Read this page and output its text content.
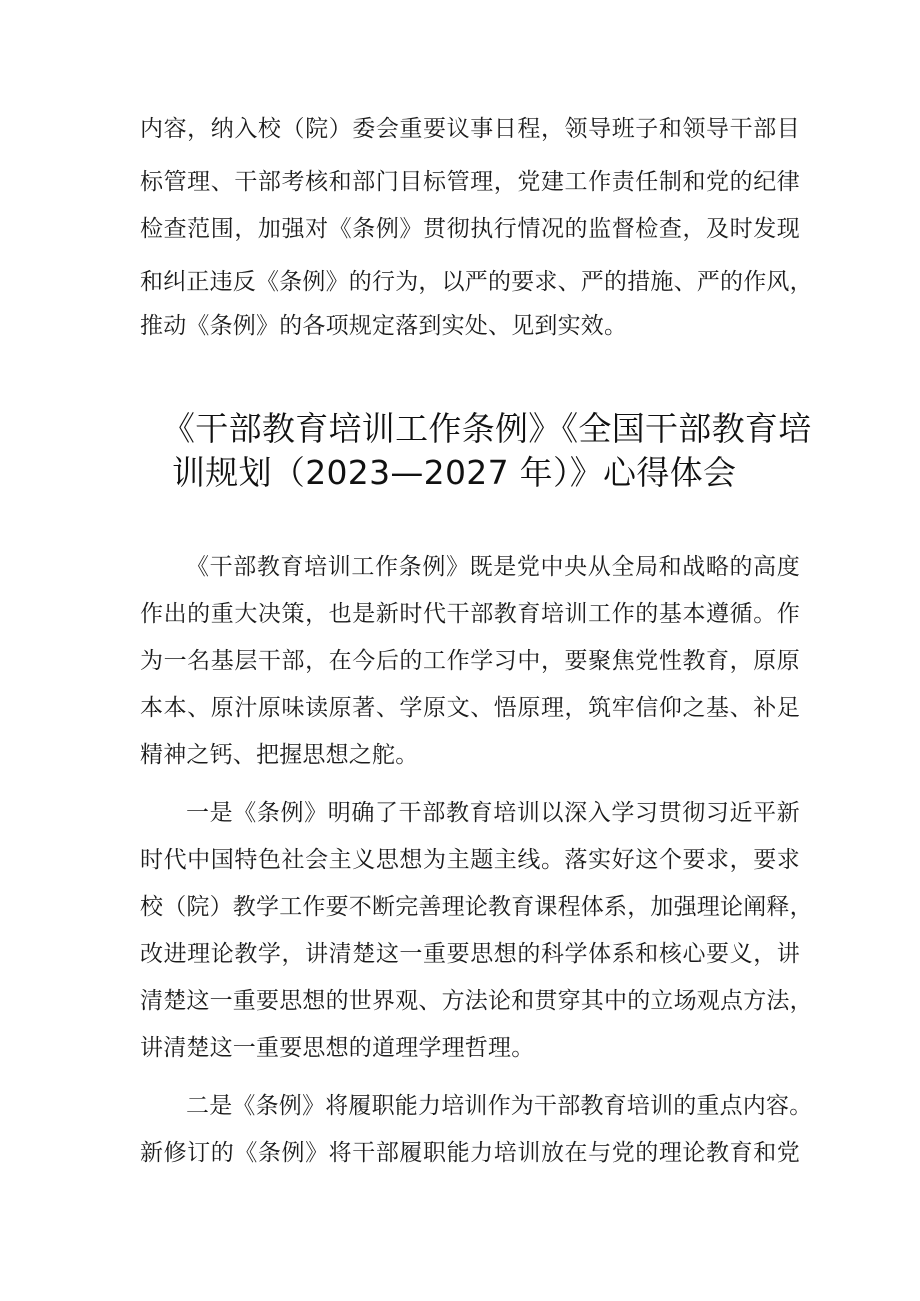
内容，纳入校（院）委会重要议事日程，领导班子和领导干部目
标管理、干部考核和部门目标管理，党建工作责任制和党的纪律
检查范围，加强对《条例》贯彻执行情况的监督检查，及时发现
和纠正违反《条例》的行为，以严的要求、严的措施、严的作风，
推动《条例》的各项规定落到实处、见到实效。
《干部教育培训工作条例》《全国干部教育培
训规划（2023—2027 年）》心得体会
《干部教育培训工作条例》既是党中央从全局和战略的高度
作出的重大决策，也是新时代干部教育培训工作的基本遵循。作
为一名基层干部，在今后的工作学习中，要聚焦党性教育，原原
本本、原汁原味读原著、学原文、悟原理，筑牢信仰之基、补足
精神之钙、把握思想之舵。
一是《条例》明确了干部教育培训以深入学习贯彻习近平新
时代中国特色社会主义思想为主题主线。落实好这个要求，要求
校（院）教学工作要不断完善理论教育课程体系，加强理论阐释，
改进理论教学，讲清楚这一重要思想的科学体系和核心要义，讲
清楚这一重要思想的世界观、方法论和贯穿其中的立场观点方法，
讲清楚这一重要思想的道理学理哲理。
二是《条例》将履职能力培训作为干部教育培训的重点内容。
新修订的《条例》将干部履职能力培训放在与党的理论教育和党
